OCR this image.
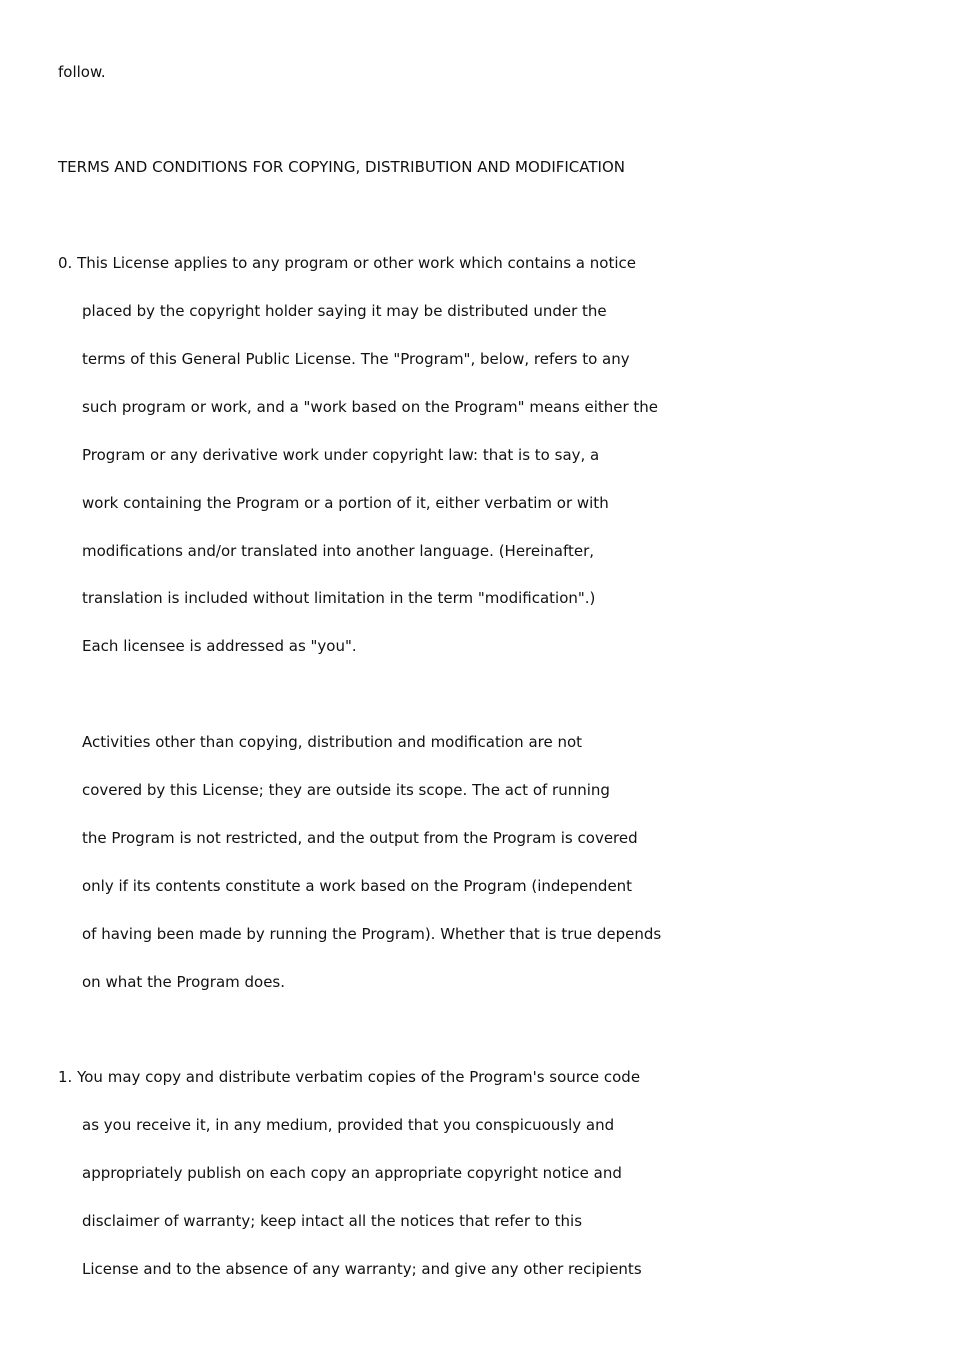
follow.
TERMS AND CONDITIONS FOR COPYING, DISTRIBUTION AND MODIFICATION
0. This License applies to any program or other work which contains a notice
placed by the copyright holder saying it may be distributed under the
terms of this General Public License. The "Program", below, refers to any
such program or work, and a "work based on the Program" means either the
Program or any derivative work under copyright law: that is to say, a
work containing the Program or a portion of it, either verbatim or with
modifications and/or translated into another language. (Hereinafter,
translation is included without limitation in the term "modification".)
Each licensee is addressed as "you".
Activities other than copying, distribution and modification are not
covered by this License; they are outside its scope. The act of running
the Program is not restricted, and the output from the Program is covered
only if its contents constitute a work based on the Program (independent
of having been made by running the Program). Whether that is true depends
on what the Program does.
1. You may copy and distribute verbatim copies of the Program's source code
as you receive it, in any medium, provided that you conspicuously and
appropriately publish on each copy an appropriate copyright notice and
disclaimer of warranty; keep intact all the notices that refer to this
License and to the absence of any warranty; and give any other recipients
